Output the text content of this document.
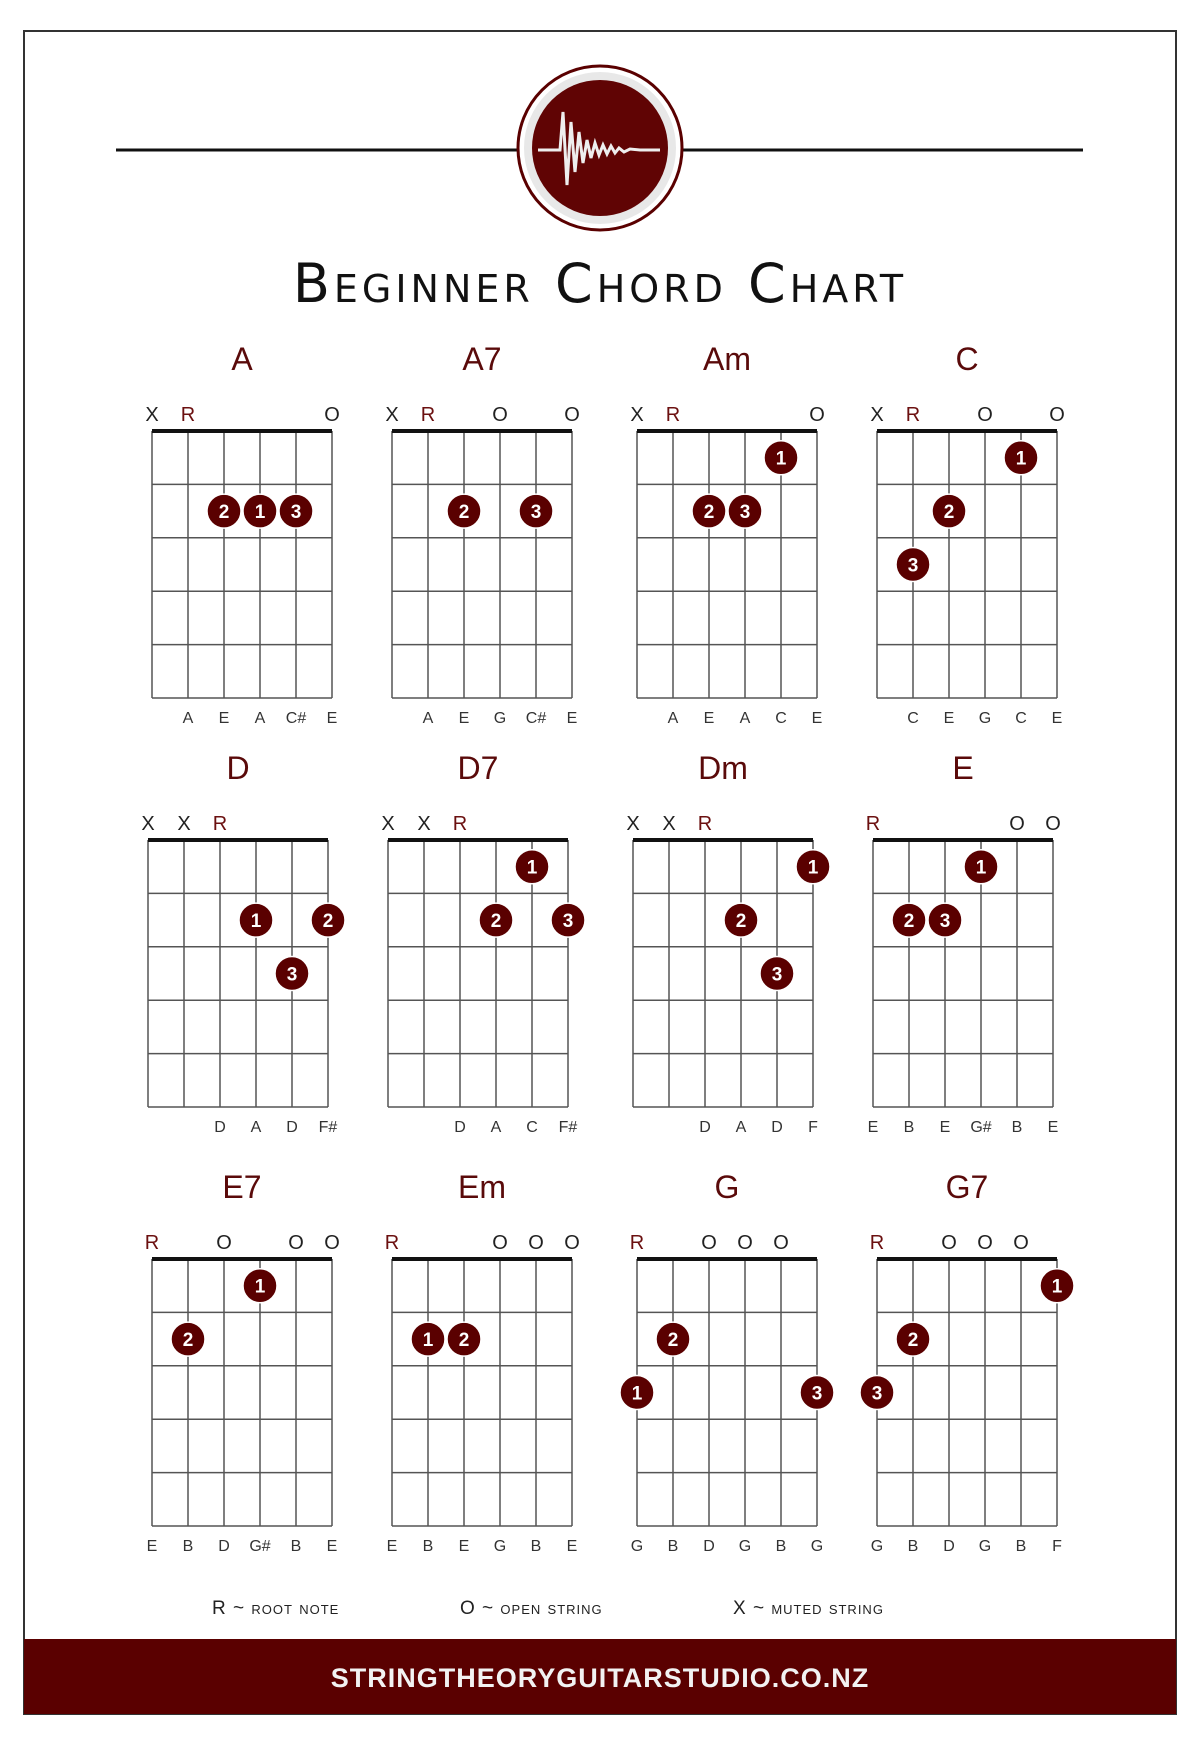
Beginner Chord Chart
A
X R	O
A E A C# E
2 1 3
A7
X R	O	O
A E G C# E
2	3
Am
X R	O
A E A C E
1
2 3
C
X R	O	O
C E G C E
1
2
3
D
X X R
D A D F#
1	2
3
D7
X X R
D A C F#
1
2	3
Dm
X X R
D A D F
1
2
3
E
R	O O
E B E G# B E
1
2 3
E7
R	O	O O
E B D G# B E
1
2
Em
R	O O O
E B E G B E
1 2
G
R	O O O
G B D G B G
2
1	3
G7
R	O O O
G B D G B F
1
2
3
R ~ root note	O ~ open string	X ~ muted string
STRINGTHEORYGUITARSTUDIO.CO.NZ
